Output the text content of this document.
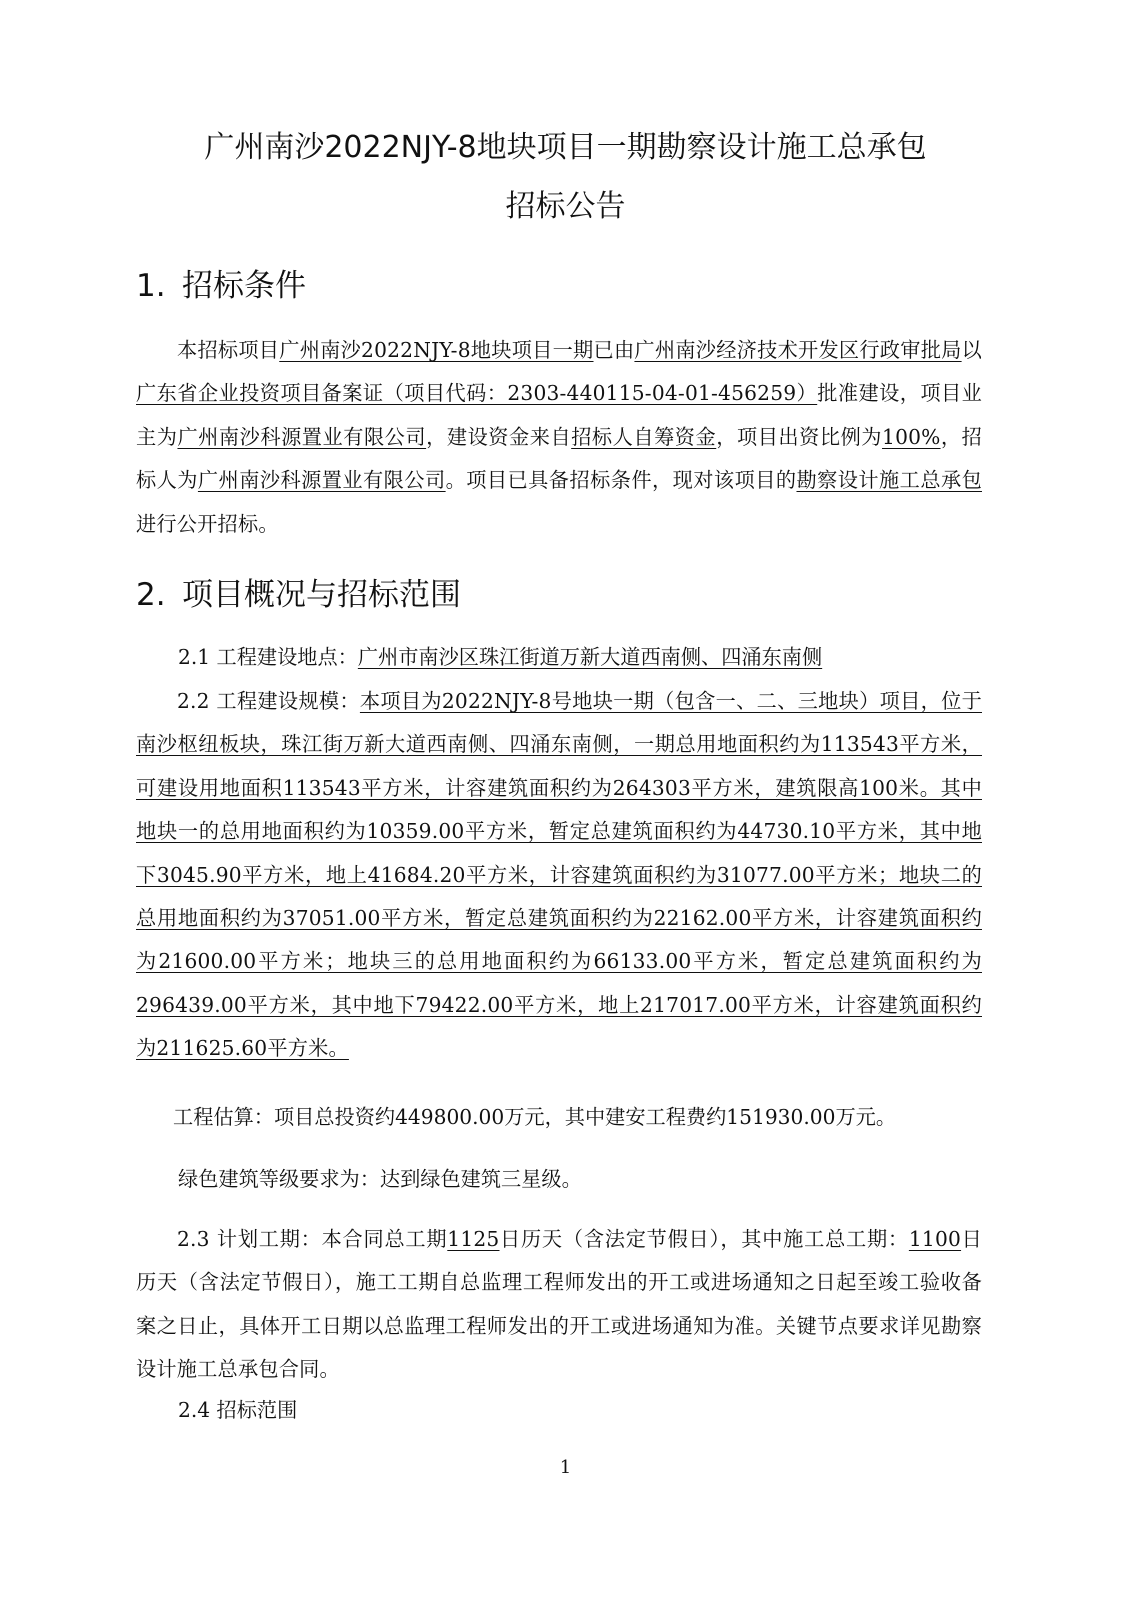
广州南沙2022NJY-8地块项目一期勘察设计施工总承包
招标公告
1. 招标条件

本招标项目广州南沙2022NJY-8地块项目一期已由广州南沙经济技术开发区行政审批局以广东省企业投资项目备案证（项目代码：2303-440115-04-01-456259）批准建设，项目业主为广州南沙科源置业有限公司，建设资金来自招标人自筹资金，项目出资比例为100%，招标人为广州南沙科源置业有限公司。项目已具备招标条件，现对该项目的勘察设计施工总承包进行公开招标。

2. 项目概况与招标范围

2.1 工程建设地点：广州市南沙区珠江街道万新大道西南侧、四涌东南侧

2.2 工程建设规模：本项目为2022NJY-8号地块一期（包含一、二、三地块）项目，位于南沙枢纽板块，珠江街万新大道西南侧、四涌东南侧，一期总用地面积约为113543平方米，可建设用地面积113543平方米，计容建筑面积约为264303平方米，建筑限高100米。其中地块一的总用地面积约为10359.00平方米，暂定总建筑面积约为44730.10平方米，其中地下3045.90平方米，地上41684.20平方米，计容建筑面积约为31077.00平方米；地块二的总用地面积约为37051.00平方米，暂定总建筑面积约为22162.00平方米，计容建筑面积约为21600.00平方米；地块三的总用地面积约为66133.00平方米，暂定总建筑面积约为296439.00平方米，其中地下79422.00平方米，地上217017.00平方米，计容建筑面积约为211625.60平方米。

工程估算：项目总投资约449800.00万元，其中建安工程费约151930.00万元。

绿色建筑等级要求为：达到绿色建筑三星级。

2.3 计划工期：本合同总工期1125日历天（含法定节假日），其中施工总工期：1100日历天（含法定节假日），施工工期自总监理工程师发出的开工或进场通知之日起至竣工验收备案之日止，具体开工日期以总监理工程师发出的开工或进场通知为准。关键节点要求详见勘察设计施工总承包合同。

2.4 招标范围

1
